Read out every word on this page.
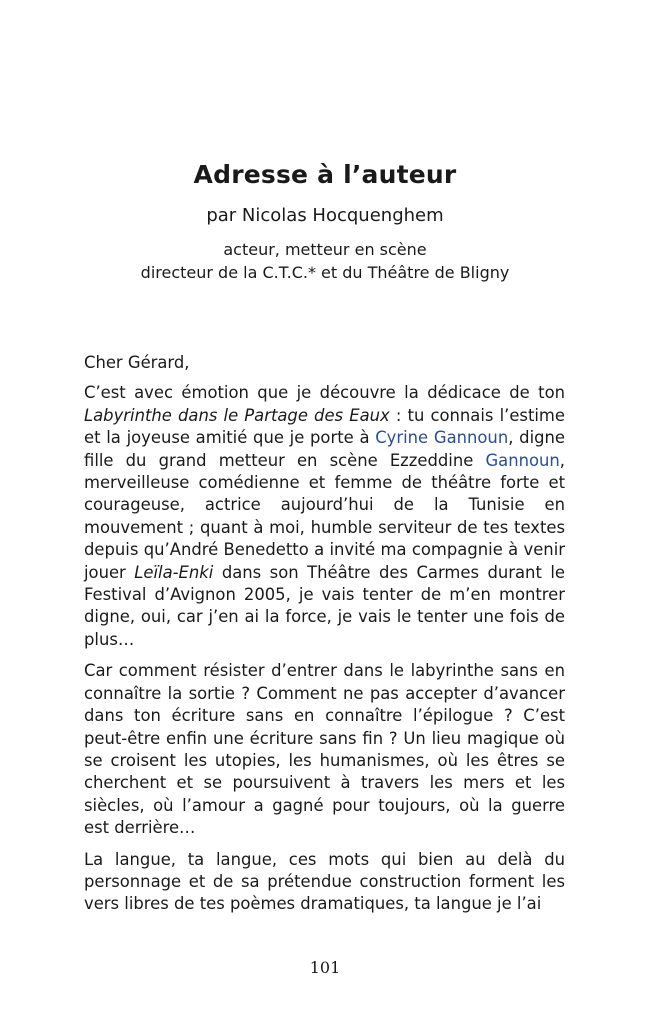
Adresse à l’auteur
par Nicolas Hocquenghem
acteur, metteur en scène
directeur de la C.T.C.* et du Théâtre de Bligny

Cher Gérard,

C’est avec émotion que je découvre la dédicace de ton Labyrinthe dans le Partage des Eaux : tu connais l’estime et la joyeuse amitié que je porte à Cyrine Gannoun, digne fille du grand metteur en scène Ezzeddine Gannoun, merveilleuse comédienne et femme de théâtre forte et courageuse, actrice aujourd’hui de la Tunisie en mouvement ; quant à moi, humble serviteur de tes textes depuis qu’André Benedetto a invité ma compagnie à venir jouer Leïla-Enki dans son Théâtre des Carmes durant le Festival d’Avignon 2005, je vais tenter de m’en montrer digne, oui, car j’en ai la force, je vais le tenter une fois de plus…

Car comment résister d’entrer dans le labyrinthe sans en connaître la sortie ? Comment ne pas accepter d’avancer dans ton écriture sans en connaître l’épilogue ? C’est peut-être enfin une écriture sans fin ? Un lieu magique où se croisent les utopies, les humanismes, où les êtres se cherchent et se poursuivent à travers les mers et les siècles, où l’amour a gagné pour toujours, où la guerre est derrière…

La langue, ta langue, ces mots qui bien au delà du personnage et de sa prétendue construction forment les vers libres de tes poèmes dramatiques, ta langue je l’ai

101
